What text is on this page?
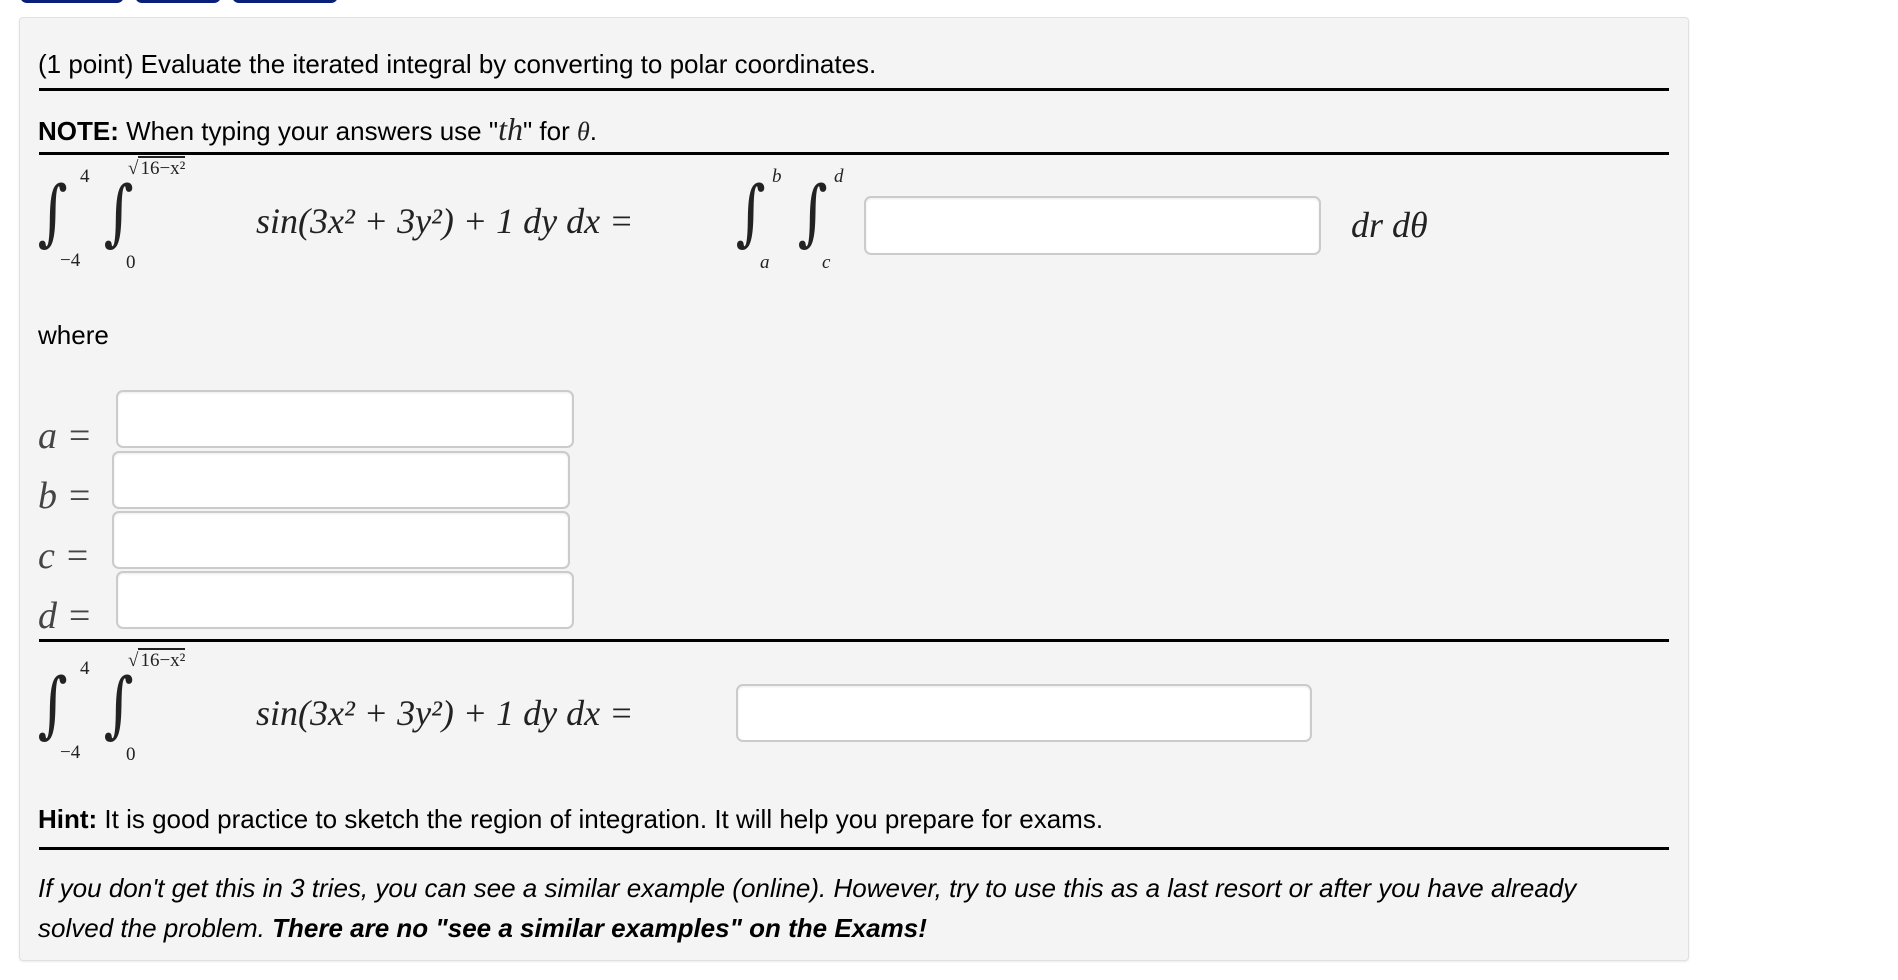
(1 point) Evaluate the iterated integral by converting to polar coordinates.
NOTE: When typing your answers use "th" for θ.
∫ 4
−4
∫
√ 16−x²
0
sin(3x² + 3y²) + 1 dy dx = ∫ b
a
∫ d
c
dr dθ
where
a =
b =
c =
d =
∫ 4
−4
∫
√ 16−x²
0
sin(3x² + 3y²) + 1 dy dx =
Hint: It is good practice to sketch the region of integration. It will help you prepare for exams.
If you don't get this in 3 tries, you can see a similar example (online). However, try to use this as a last resort or after you have already solved the problem. There are no "see a similar examples" on the Exams!
